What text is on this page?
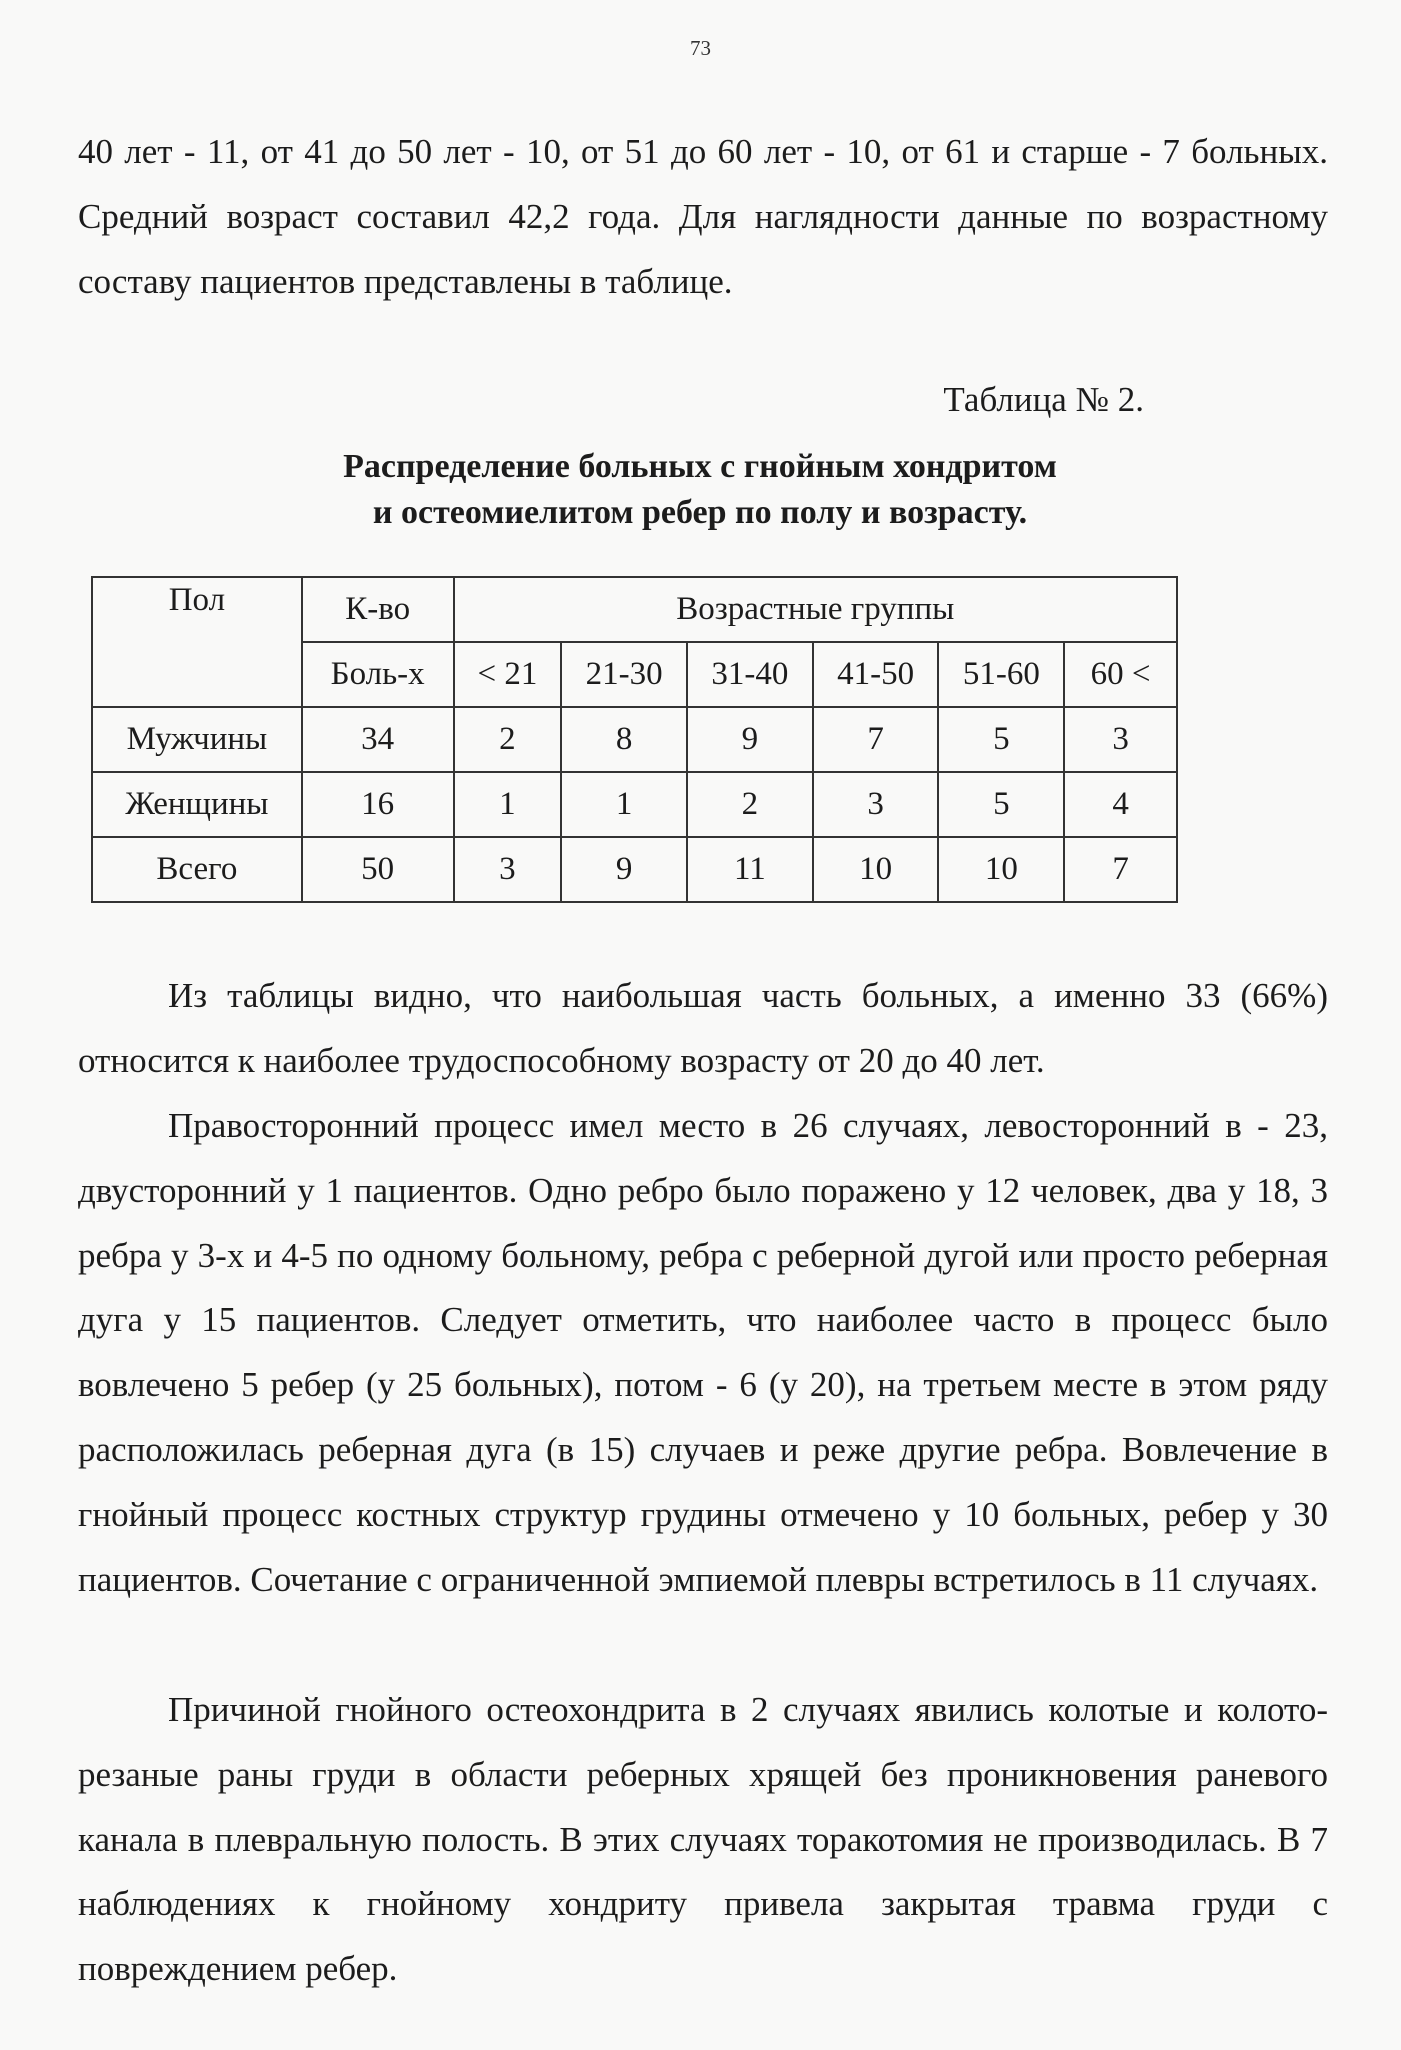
73

40 лет - 11, от 41 до 50 лет - 10, от 51 до 60 лет - 10, от 61 и старше - 7 больных. Средний возраст составил 42,2 года. Для наглядности данные по возрастному составу пациентов представлены в таблице.

Таблица № 2.

Распределение больных с гнойным хондритом
и остеомиелитом ребер по полу и возрасту.

Пол	К-во	Возрастные группы					
	Боль-х	< 21	21-30	31-40	41-50	51-60	60 <
Мужчины	34	2	8	9	7	5	3
Женщины	16	1	1	2	3	5	4
Всего	50	3	9	11	10	10	7

Из таблицы видно, что наибольшая часть больных, а именно 33 (66%) относится к наиболее трудоспособному возрасту от 20 до 40 лет.

Правосторонний процесс имел место в 26 случаях, левосторонний в - 23, двусторонний у 1 пациентов. Одно ребро было поражено у 12 человек, два у 18, 3 ребра у 3-х и 4-5 по одному больному, ребра с реберной дугой или просто реберная дуга у 15 пациентов. Следует отметить, что наиболее часто в процесс было вовлечено 5 ребер (у 25 больных), потом - 6 (у 20), на третьем месте в этом ряду расположилась реберная дуга (в 15) случаев и реже другие ребра. Вовлечение в гнойный процесс костных структур грудины отмечено у 10 больных, ребер у 30 пациентов. Сочетание с ограниченной эмпиемой плевры встретилось в 11 случаях.

Причиной гнойного остеохондрита в 2 случаях явились колотые и колото-резаные раны груди в области реберных хрящей без проникновения раневого канала в плевральную полость. В этих случаях торакотомия не производилась. В 7 наблюдениях к гнойному хондриту привела закрытая травма груди с повреждением ребер.
